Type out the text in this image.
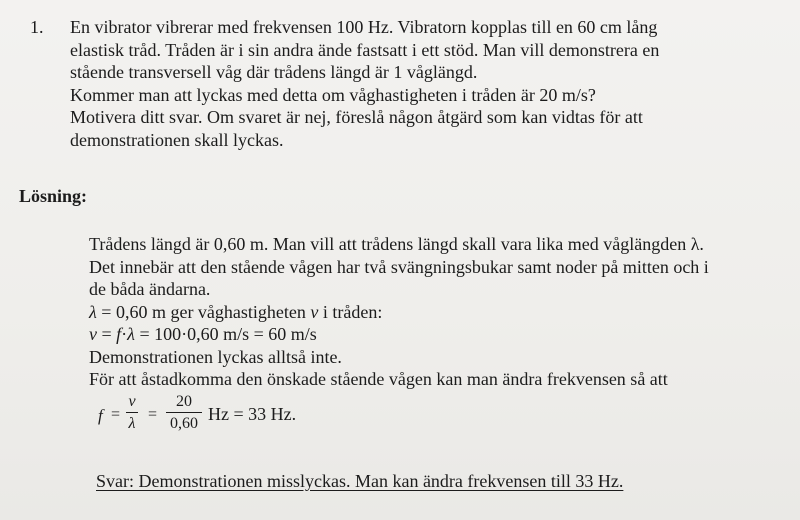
1. En vibrator vibrerar med frekvensen 100 Hz. Vibratorn kopplas till en 60 cm lång

elastisk tråd. Tråden är i sin andra ände fastsatt i ett stöd. Man vill demonstrera en

stående transversell våg där trådens längd är 1 våglängd.

Kommer man att lyckas med detta om våghastigheten i tråden är 20 m/s?

Motivera ditt svar. Om svaret är nej, föreslå någon åtgärd som kan vidtas för att

demonstrationen skall lyckas.

Lösning:

Trådens längd är 0,60 m. Man vill att trådens längd skall vara lika med våglängden λ.

Det innebär att den stående vågen har två svängningsbukar samt noder på mitten och i

de båda ändarna.

λ = 0,60 m ger våghastigheten v i tråden:

v = f·λ = 100·0,60 m/s = 60 m/s

Demonstrationen lyckas alltså inte.

För att åstadkomma den önskade stående vågen kan man ändra frekvensen så att

f =
v
λ
=
20
0,60 Hz = 33 Hz.
Svar: Demonstrationen misslyckas. Man kan ändra frekvensen till 33 Hz.
